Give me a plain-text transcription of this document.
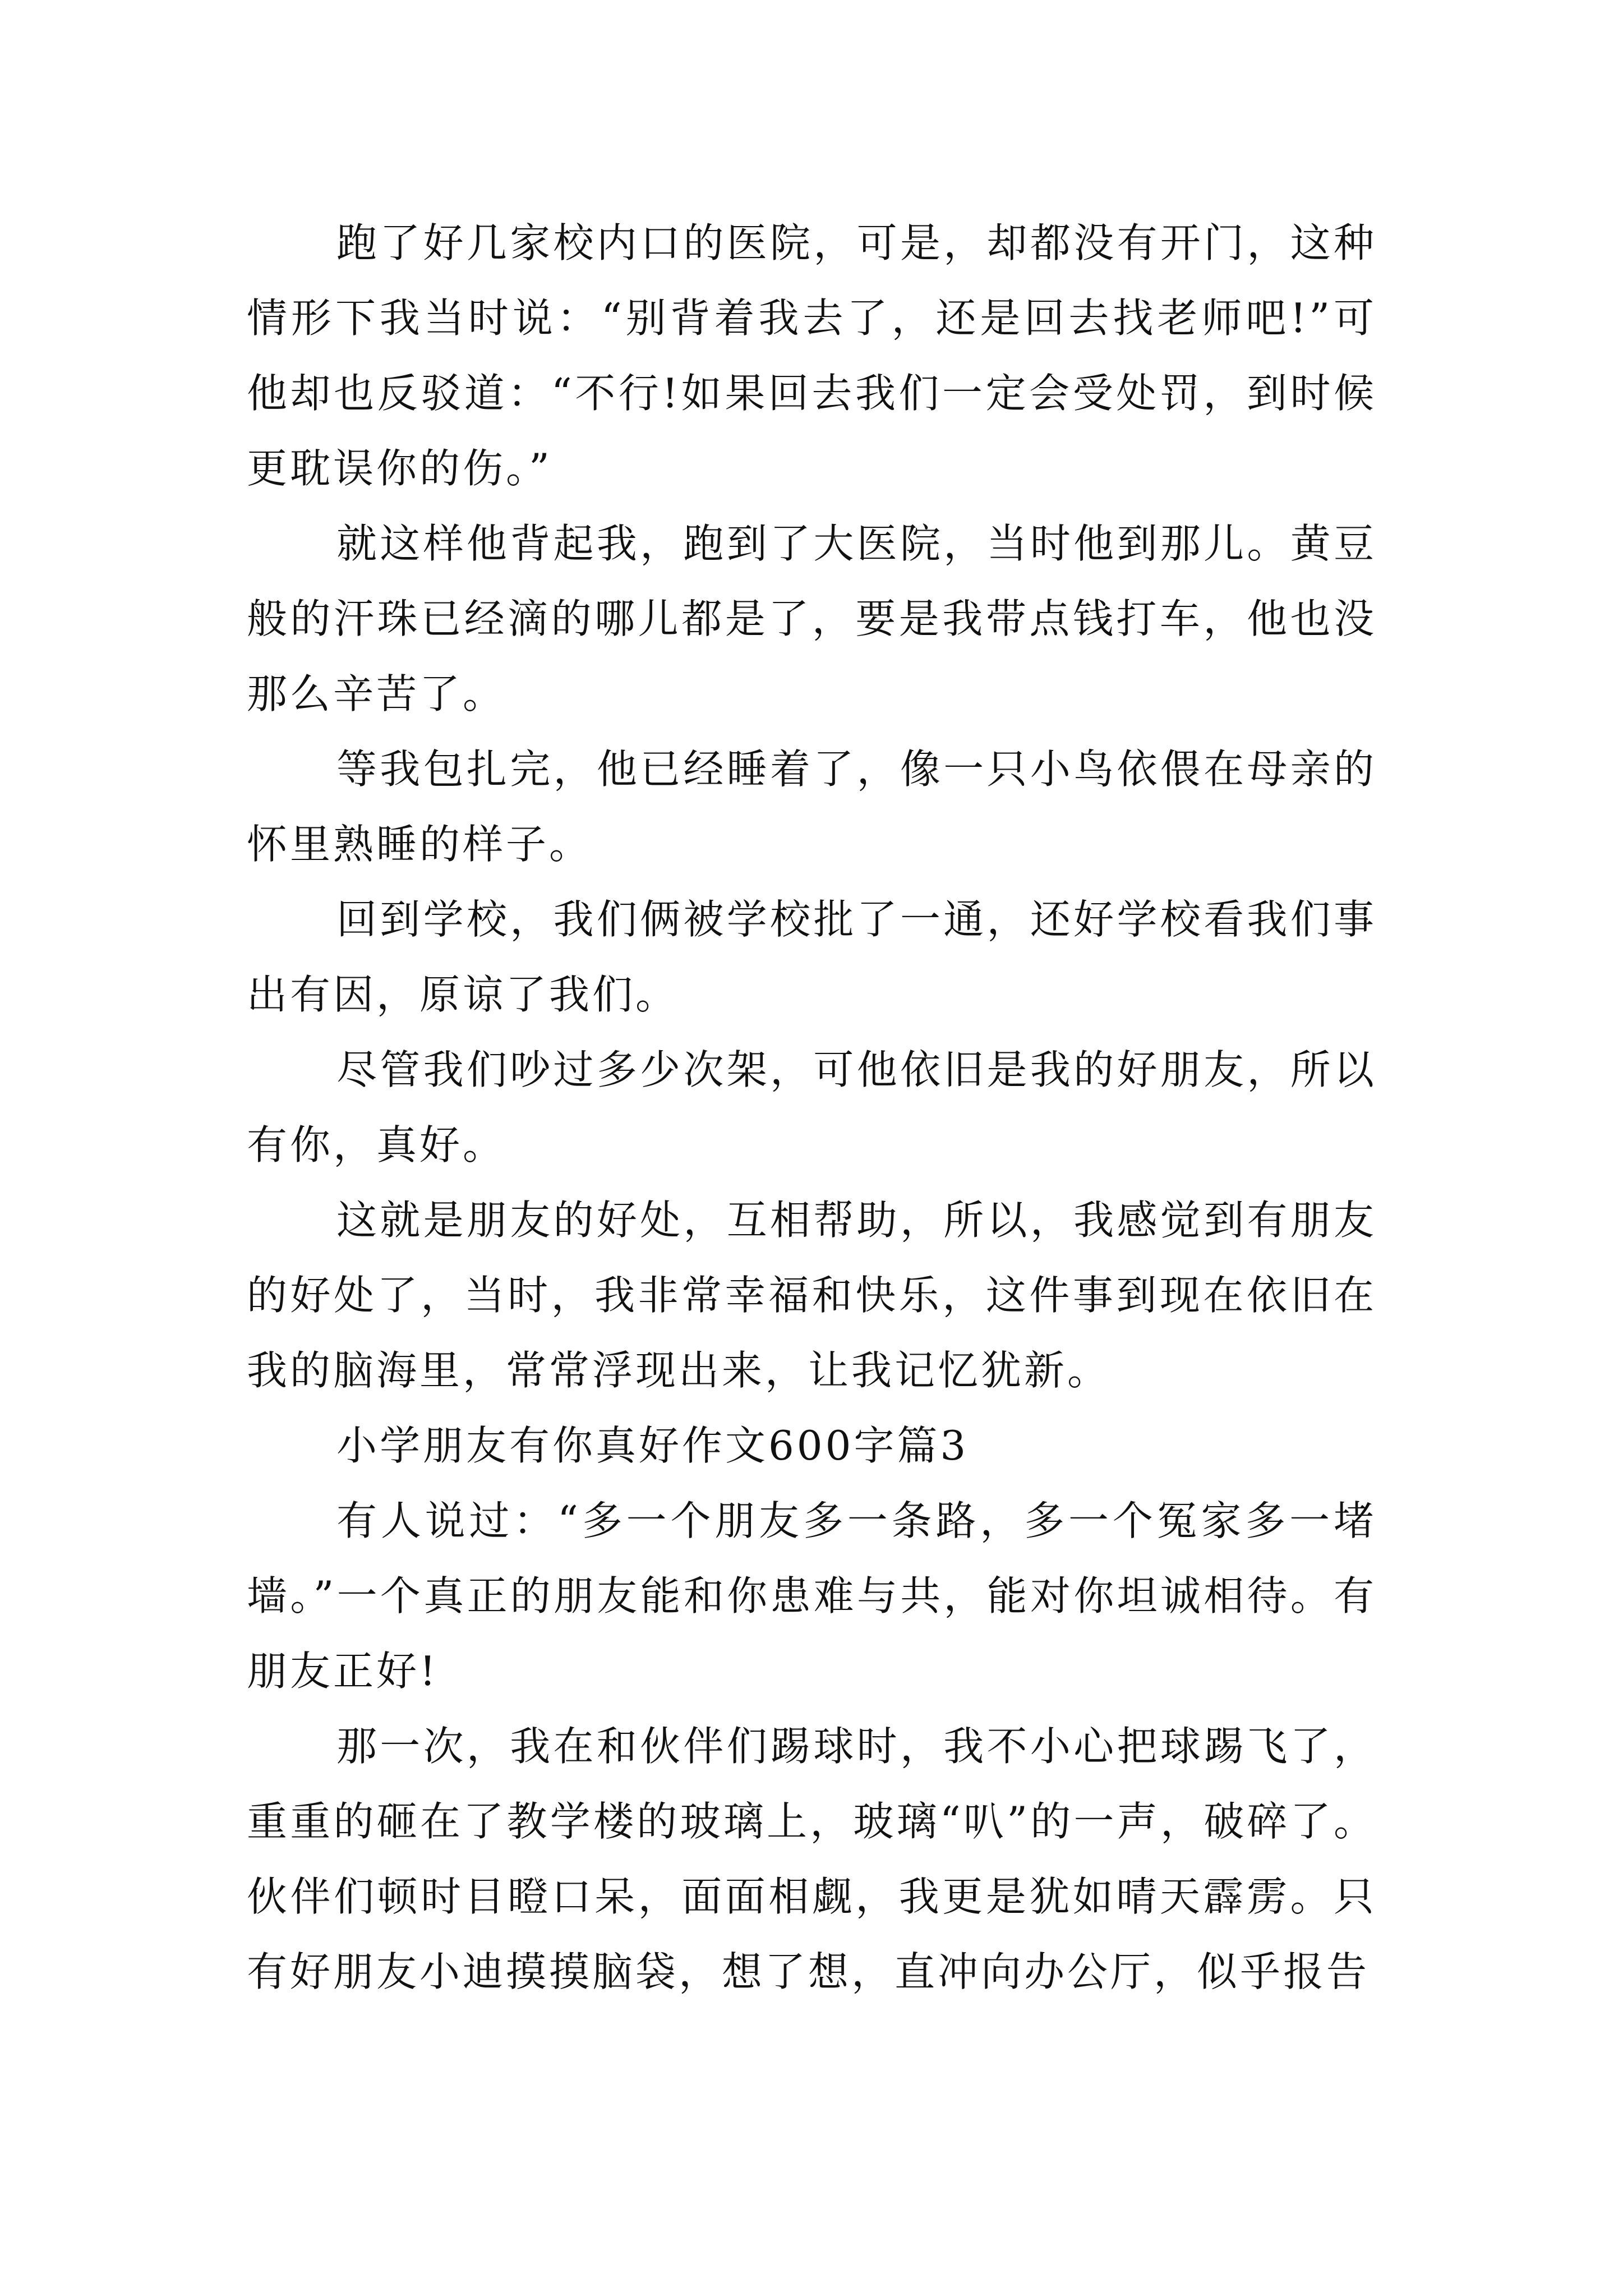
跑了好几家校内口的医院，可是，却都没有开门，这种情形下我当时说：“别背着我去了，还是回去找老师吧!”可他却也反驳道：“不行!如果回去我们一定会受处罚，到时候更耽误你的伤。”

就这样他背起我，跑到了大医院，当时他到那儿。黄豆般的汗珠已经滴的哪儿都是了，要是我带点钱打车，他也没那么辛苦了。

等我包扎完，他已经睡着了，像一只小鸟依偎在母亲的怀里熟睡的样子。

回到学校，我们俩被学校批了一通，还好学校看我们事出有因，原谅了我们。

尽管我们吵过多少次架，可他依旧是我的好朋友，所以有你，真好。

这就是朋友的好处，互相帮助，所以，我感觉到有朋友的好处了，当时，我非常幸福和快乐，这件事到现在依旧在我的脑海里，常常浮现出来，让我记忆犹新。

小学朋友有你真好作文600字篇3

有人说过：“多一个朋友多一条路，多一个冤家多一堵墙。”一个真正的朋友能和你患难与共，能对你坦诚相待。有朋友正好!

那一次，我在和伙伴们踢球时，我不小心把球踢飞了，重重的砸在了教学楼的玻璃上，玻璃“叭”的一声，破碎了。伙伴们顿时目瞪口呆，面面相觑，我更是犹如晴天霹雳。只有好朋友小迪摸摸脑袋，想了想，直冲向办公厅，似乎报告
